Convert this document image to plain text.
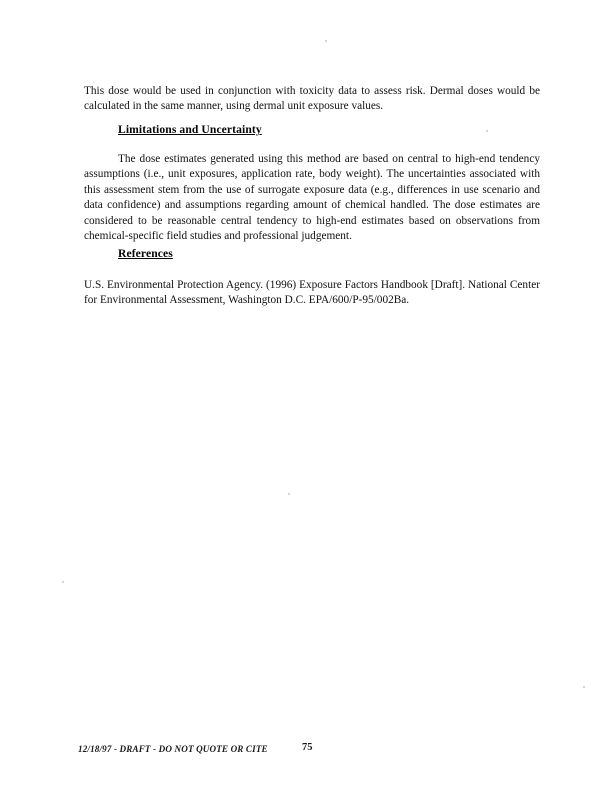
This dose would be used in conjunction with toxicity data to assess risk. Dermal doses would be calculated in the same manner, using dermal unit exposure values.

Limitations and Uncertainty

The dose estimates generated using this method are based on central to high-end tendency assumptions (i.e., unit exposures, application rate, body weight). The uncertainties associated with this assessment stem from the use of surrogate exposure data (e.g., differences in use scenario and data confidence) and assumptions regarding amount of chemical handled. The dose estimates are considered to be reasonable central tendency to high-end estimates based on observations from chemical-specific field studies and professional judgement.

References

U.S. Environmental Protection Agency. (1996) Exposure Factors Handbook [Draft]. National Center for Environmental Assessment, Washington D.C. EPA/600/P-95/002Ba.

12/18/97 - DRAFT - DO NOT QUOTE OR CITE	75
